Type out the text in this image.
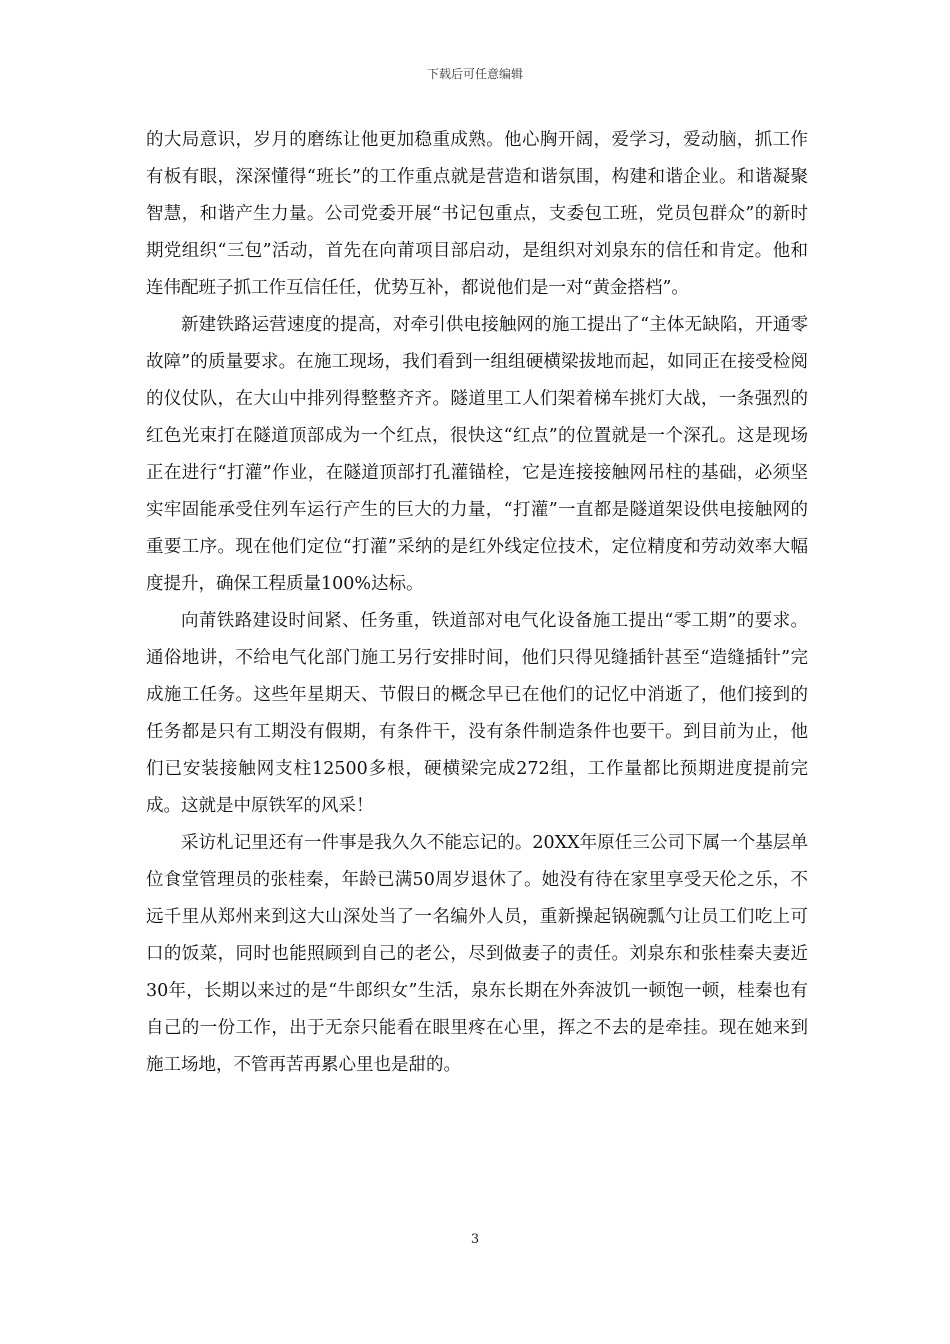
下载后可任意编辑

的大局意识，岁月的磨练让他更加稳重成熟。他心胸开阔，爱学习，爱动脑，抓工作有板有眼，深深懂得“班长”的工作重点就是营造和谐氛围，构建和谐企业。和谐凝聚智慧，和谐产生力量。公司党委开展“书记包重点，支委包工班，党员包群众”的新时期党组织“三包”活动，首先在向莆项目部启动，是组织对刘泉东的信任和肯定。他和连伟配班子抓工作互信任任，优势互补，都说他们是一对“黄金搭档”。

新建铁路运营速度的提高，对牵引供电接触网的施工提出了“主体无缺陷，开通零故障”的质量要求。在施工现场，我们看到一组组硬横梁拔地而起，如同正在接受检阅的仪仗队，在大山中排列得整整齐齐。隧道里工人们架着梯车挑灯大战，一条强烈的红色光束打在隧道顶部成为一个红点，很快这“红点”的位置就是一个深孔。这是现场正在进行“打灌”作业，在隧道顶部打孔灌锚栓，它是连接接触网吊柱的基础，必须坚实牢固能承受住列车运行产生的巨大的力量，“打灌”一直都是隧道架设供电接触网的重要工序。现在他们定位“打灌”采纳的是红外线定位技术，定位精度和劳动效率大幅度提升，确保工程质量100%达标。

向莆铁路建设时间紧、任务重，铁道部对电气化设备施工提出“零工期”的要求。通俗地讲，不给电气化部门施工另行安排时间，他们只得见缝插针甚至“造缝插针”完成施工任务。这些年星期天、节假日的概念早已在他们的记忆中消逝了，他们接到的任务都是只有工期没有假期，有条件干，没有条件制造条件也要干。到目前为止，他们已安装接触网支柱12500多根，硬横梁完成272组，工作量都比预期进度提前完成。这就是中原铁军的风采！

采访札记里还有一件事是我久久不能忘记的。20XX年原任三公司下属一个基层单位食堂管理员的张桂秦，年龄已满50周岁退休了。她没有待在家里享受天伦之乐，不远千里从郑州来到这大山深处当了一名编外人员，重新操起锅碗瓢勺让员工们吃上可口的饭菜，同时也能照顾到自己的老公，尽到做妻子的责任。刘泉东和张桂秦夫妻近30年，长期以来过的是“牛郎织女”生活，泉东长期在外奔波饥一顿饱一顿，桂秦也有自己的一份工作，出于无奈只能看在眼里疼在心里，挥之不去的是牵挂。现在她来到施工场地，不管再苦再累心里也是甜的。

3
